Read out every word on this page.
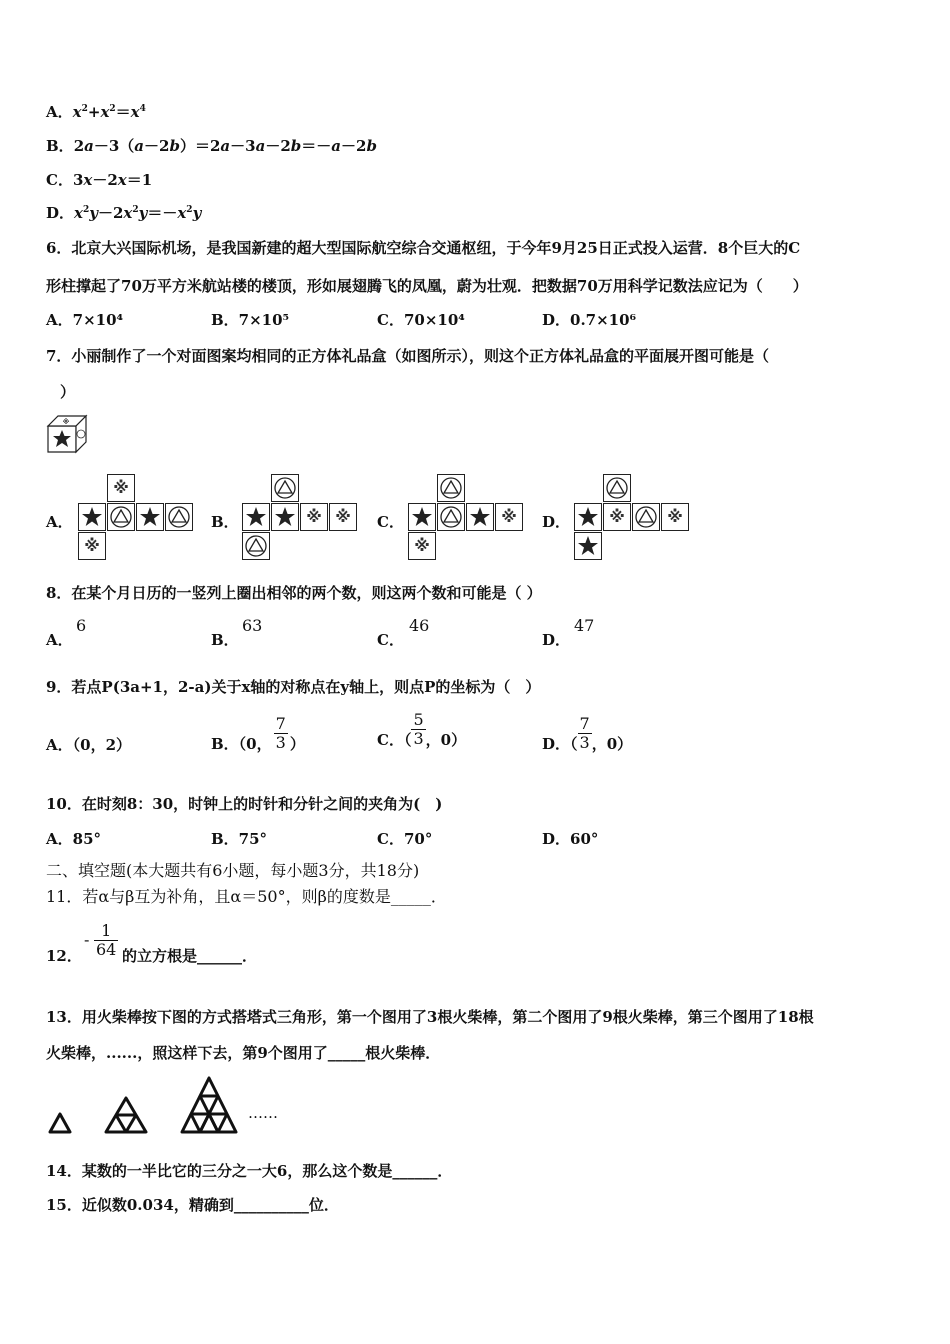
A．$x^2+x^2=x^4$
B．2a－3（a－2b）＝2a－3a－2b＝－a－2b
C．3x－2x＝1
D．$x^2y-2x^2y=-x^2y$
6．北京大兴国际机场，是我国新建的超大型国际航空综合交通枢纽，于今年9月25日正式投入运营．8个巨大的C
形柱撑起了70万平方米航站楼的楼顶，形如展翅腾飞的凤凰，蔚为壮观．把数据70万用科学记数法应记为（　　）
A．7×10⁴	B．7×10⁵	C．70×10⁴	D．0.7×10⁶
7．小丽制作了一个对面图案均相同的正方体礼品盒（如图所示），则这个正方体礼品盒的平面展开图可能是（
）
※
A．	B．	C．	D．
※
※
※ ※	※
※
※	※
8．在某个月日历的一竖列上圈出相邻的两个数，则这两个数和可能是（ ）
A．
6
B．
63
C．
46
D．
47
9．若点P(3a+1，2-a)关于x轴的对称点在y轴上，则点P的坐标为（　）
A．（0，2）	B．（0， $\frac{7}{3}$ ）	C．（ $\frac{5}{3}$ ，0）	D．（ $\frac{7}{3}$ ，0）
10．在时刻8：30，时钟上的时针和分针之间的夹角为(　)
A．85°	B．75°	C．70°	D．60°
二、填空题(本大题共有6小题，每小题3分，共18分)
11．若α与β互为补角，且α＝50°，则β的度数是_____．
12．
- $\frac{1}{64}$ 的立方根是______．
13．用火柴棒按下图的方式搭塔式三角形，第一个图用了3根火柴棒，第二个图用了9根火柴棒，第三个图用了18根
火柴棒，......，照这样下去，第9个图用了_____根火柴棒．
……
14．某数的一半比它的三分之一大6，那么这个数是______．
15．近似数0.034，精确到__________位．
